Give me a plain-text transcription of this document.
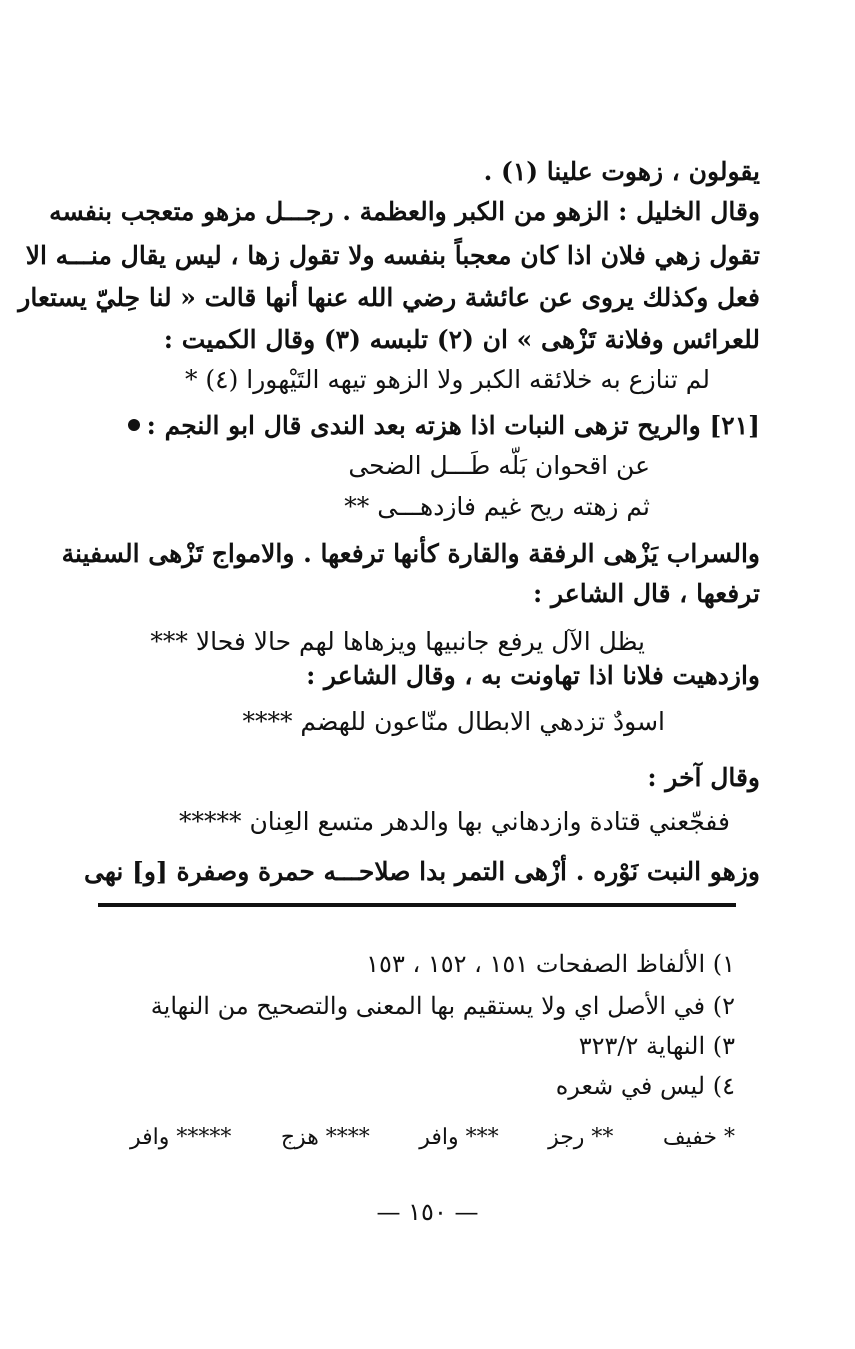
يقولون ، زهوت علينا (١) .
وقال الخليل : الزهو من الكبر والعظمة . رجـــل مزهو متعجب بنفسه
تقول زهي فلان اذا كان معجباً بنفسه ولا تقول زها ، ليس يقال منـــه الا
فعل وكذلك يروى عن عائشة رضي الله عنها أنها قالت « لنا حِليّ يستعار
للعرائس وفلانة تَزْهى » ان (٢) تلبسه (٣) وقال الكميت :
لم تنازع به خلائقه الكبر ولا الزهو تيهه التَيْهورا (٤) *
[٢١] والريح تزهى النبات اذا هزته بعد الندى قال ابو النجم :
عن اقحوان بَلّه طَـــل الضحى
ثم زهته ريح غيم فازدهـــى **
والسراب يَزْهى الرفقة والقارة كأنها ترفعها . والامواج تَزْهى السفينة
ترفعها ، قال الشاعر :
يظل الآل يرفع جانبيها ويزهاها لهم حالا فحالا ***
وازدهيت فلانا اذا تهاونت به ، وقال الشاعر :
اسودٌ تزدهي الابطال منّاعون للهضم ****
وقال آخر :
ففجّعني قتادة وازدهاني بها والدهر متسع العِنان *****
وزهو النبت نَوْره . أزْهى التمر بدا صلاحـــه حمرة وصفرة [و] نهى
١) الألفاظ الصفحات ١٥١ ، ١٥٢ ، ١٥٣
٢) في الأصل اي ولا يستقيم بها المعنى والتصحيح من النهاية
٣) النهاية ٣٢٣/٢
٤) ليس في شعره
* خفيف
** رجز
*** وافر
**** هزج
***** وافر
— ١٥٠ —
